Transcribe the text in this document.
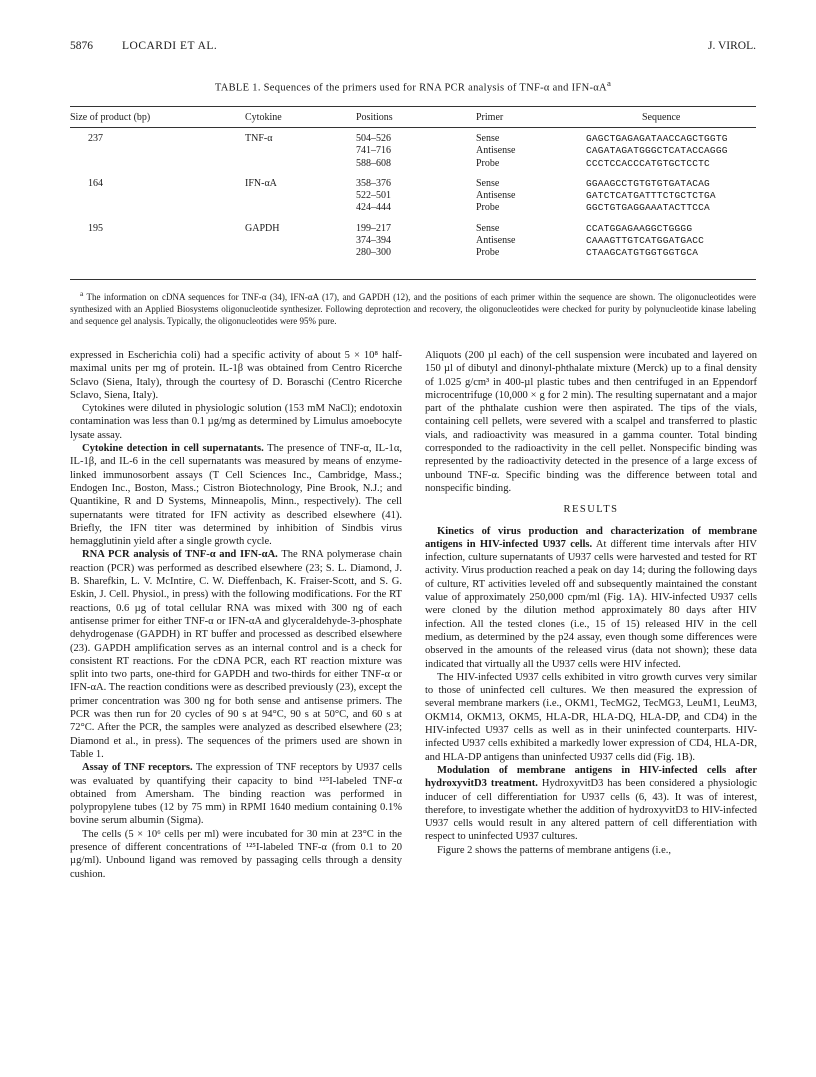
5876	LOCARDI ET AL.	J. VIROL.
TABLE 1. Sequences of the primers used for RNA PCR analysis of TNF-α and IFN-$\alpha A^a$
Size of product (bp)	Cytokine	Positions	Primer	Sequence
237	TNF-α	504–526	Sense	GAGCTGAGAGATAACCAGCTGGTG
		741–716	Antisense	CAGATAGATGGGCTCATACCAGGG
		588–608	Probe	CCCTCCACCCATGTGCTCCTC
164	IFN-αA	358–376	Sense	GGAAGCCTGTGTGTGATACAG
		522–501	Antisense	GATCTCATGATTTCTGCTCTGA
		424–444	Probe	GGCTGTGAGGAAATACTTCCA
195	GAPDH	199–217	Sense	CCATGGAGAAGGCTGGGG
		374–394	Antisense	CAAAGTTGTCATGGATGACC
		280–300	Probe	CTAAGCATGTGGTGGTGCA
$^a$ The information on cDNA sequences for TNF-α (34), IFN-αA (17), and GAPDH (12), and the positions of each primer within the sequence are shown. The oligonucleotides were synthesized with an Applied Biosystems oligonucleotide synthesizer. Following deprotection and recovery, the oligonucleotides were checked for purity by polynucleotide kinase labeling and sequence gel analysis. Typically, the oligonucleotides were 95% pure.

expressed in Escherichia coli) had a specific activity of about 5 × 10⁸ half-maximal units per mg of protein. IL-1β was obtained from Centro Ricerche Sclavo (Siena, Italy), through the courtesy of D. Boraschi (Centro Ricerche Sclavo, Siena, Italy).

Cytokines were diluted in physiologic solution (153 mM NaCl); endotoxin contamination was less than 0.1 µg/mg as determined by Limulus amoebocyte lysate assay.

Cytokine detection in cell supernatants. The presence of TNF-α, IL-1α, IL-1β, and IL-6 in the cell supernatants was measured by means of enzyme-linked immunosorbent assays (T Cell Sciences Inc., Cambridge, Mass.; Endogen Inc., Boston, Mass.; Cistron Biotechnology, Pine Brook, N.J.; and Quantikine, R and D Systems, Minneapolis, Minn., respectively). The cell supernatants were titrated for IFN activity as described elsewhere (41). Briefly, the IFN titer was determined by inhibition of Sindbis virus hemagglutinin yield after a single growth cycle.

RNA PCR analysis of TNF-α and IFN-αA. The RNA polymerase chain reaction (PCR) was performed as described elsewhere (23; S. L. Diamond, J. B. Sharefkin, L. V. McIntire, C. W. Dieffenbach, K. Fraiser-Scott, and S. G. Eskin, J. Cell. Physiol., in press) with the following modifications. For the RT reactions, 0.6 µg of total cellular RNA was mixed with 300 ng of each antisense primer for either TNF-α or IFN-αA and glyceraldehyde-3-phosphate dehydrogenase (GAPDH) in RT buffer and processed as described elsewhere (23). GAPDH amplification serves as an internal control and is a check for consistent RT reactions. For the cDNA PCR, each RT reaction mixture was split into two parts, one-third for GAPDH and two-thirds for either TNF-α or IFN-αA. The reaction conditions were as described previously (23), except the primer concentration was 300 ng for both sense and antisense primers. The PCR was then run for 20 cycles of 90 s at 94°C, 90 s at 50°C, and 60 s at 72°C. After the PCR, the samples were analyzed as described elsewhere (23; Diamond et al., in press). The sequences of the primers used are shown in Table 1.

Assay of TNF receptors. The expression of TNF receptors by U937 cells was evaluated by quantifying their capacity to bind ¹²⁵I-labeled TNF-α obtained from Amersham. The binding reaction was performed in polypropylene tubes (12 by 75 mm) in RPMI 1640 medium containing 0.1% bovine serum albumin (Sigma).

The cells (5 × 10⁶ cells per ml) were incubated for 30 min at 23°C in the presence of different concentrations of ¹²⁵I-labeled TNF-α (from 0.1 to 20 µg/ml). Unbound ligand was removed by passaging cells through a density cushion.

Aliquots (200 µl each) of the cell suspension were incubated and layered on 150 µl of dibutyl and dinonyl-phthalate mixture (Merck) up to a final density of 1.025 g/cm³ in 400-µl plastic tubes and then centrifuged in an Eppendorf microcentrifuge (10,000 × g for 2 min). The resulting supernatant and a major part of the phthalate cushion were then aspirated. The tips of the vials, containing cell pellets, were severed with a scalpel and transferred to plastic vials, and radioactivity was measured in a gamma counter. Total binding corresponded to the radioactivity in the cell pellet. Nonspecific binding was represented by the radioactivity detected in the presence of a large excess of unbound TNF-α. Specific binding was the difference between total and nonspecific binding.

RESULTS

Kinetics of virus production and characterization of membrane antigens in HIV-infected U937 cells. At different time intervals after HIV infection, culture supernatants of U937 cells were harvested and tested for RT activity. Virus production reached a peak on day 14; during the following days of culture, RT activities leveled off and subsequently maintained the constant value of approximately 250,000 cpm/ml (Fig. 1A). HIV-infected U937 cells were cloned by the dilution method approximately 80 days after HIV infection. All the tested clones (i.e., 15 of 15) released HIV in the cell medium, as determined by the p24 assay, even though some differences were observed in the amounts of the released virus (data not shown); these data indicated that virtually all the U937 cells were HIV infected.

The HIV-infected U937 cells exhibited in vitro growth curves very similar to those of uninfected cell cultures. We then measured the expression of several membrane markers (i.e., OKM1, TecMG2, TecMG3, LeuM1, LeuM3, OKM14, OKM13, OKM5, HLA-DR, HLA-DQ, HLA-DP, and CD4) in the HIV-infected U937 cells as well as in their uninfected counterparts. HIV-infected U937 cells exhibited a markedly lower expression of CD4, HLA-DR, and HLA-DP antigens than uninfected U937 cells did (Fig. 1B).

Modulation of membrane antigens in HIV-infected cells after hydroxyvitD3 treatment. HydroxyvitD3 has been considered a physiologic inducer of cell differentiation for U937 cells (6, 43). It was of interest, therefore, to investigate whether the addition of hydroxyvitD3 to HIV-infected U937 cells would result in any altered pattern of cell differentiation with respect to uninfected U937 cultures.

Figure 2 shows the patterns of membrane antigens (i.e.,
